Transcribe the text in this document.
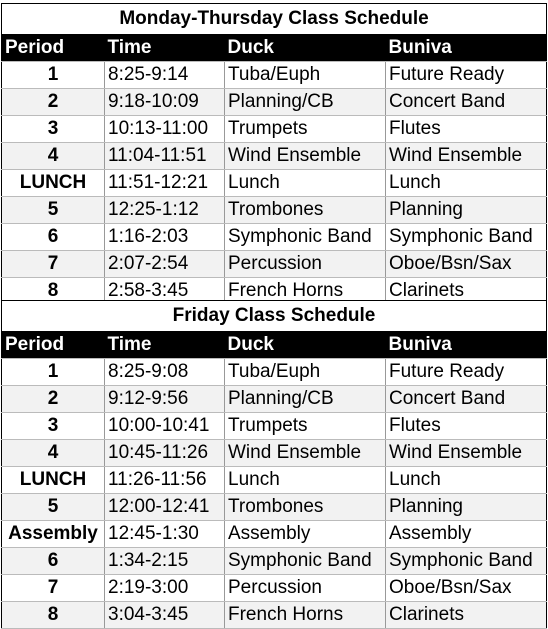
Monday-Thursday Class Schedule			
Period	Time	Duck	Buniva
1	8:25-9:14	Tuba/Euph	Future Ready
2	9:18-10:09	Planning/CB	Concert Band
3	10:13-11:00	Trumpets	Flutes
4	11:04-11:51	Wind Ensemble	Wind Ensemble
LUNCH	11:51-12:21	Lunch	Lunch
5	12:25-1:12	Trombones	Planning
6	1:16-2:03	Symphonic Band	Symphonic Band
7	2:07-2:54	Percussion	Oboe/Bsn/Sax
8	2:58-3:45	French Horns	Clarinets
Friday Class Schedule			
Period	Time	Duck	Buniva
1	8:25-9:08	Tuba/Euph	Future Ready
2	9:12-9:56	Planning/CB	Concert Band
3	10:00-10:41	Trumpets	Flutes
4	10:45-11:26	Wind Ensemble	Wind Ensemble
LUNCH	11:26-11:56	Lunch	Lunch
5	12:00-12:41	Trombones	Planning
Assembly	12:45-1:30	Assembly	Assembly
6	1:34-2:15	Symphonic Band	Symphonic Band
7	2:19-3:00	Percussion	Oboe/Bsn/Sax
8	3:04-3:45	French Horns	Clarinets
